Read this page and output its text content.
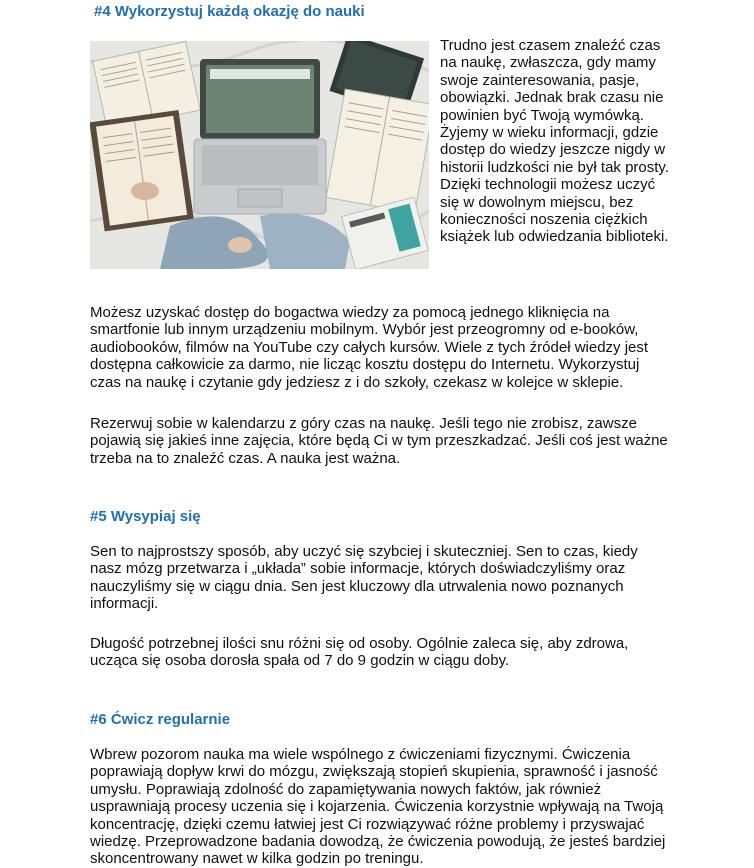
#4 Wykorzystuj każdą okazję do nauki

Trudno jest czasem znaleźć czas na naukę, zwłaszcza, gdy mamy swoje zainteresowania, pasje, obowiązki. Jednak brak czasu nie powinien być Twoją wymówką. Żyjemy w wieku informacji, gdzie dostęp do wiedzy jeszcze nigdy w historii ludzkości nie był tak prosty. Dzięki technologii możesz uczyć się w dowolnym miejscu, bez konieczności noszenia ciężkich książek lub odwiedzania biblioteki.

Możesz uzyskać dostęp do bogactwa wiedzy za pomocą jednego kliknięcia na smartfonie lub innym urządzeniu mobilnym. Wybór jest przeogromny od e-booków, audiobooków, filmów na YouTube czy całych kursów. Wiele z tych źródeł wiedzy jest dostępna całkowicie za darmo, nie licząc kosztu dostępu do Internetu. Wykorzystuj czas na naukę i czytanie gdy jedziesz z i do szkoły, czekasz w kolejce w sklepie.

Rezerwuj sobie w kalendarzu z góry czas na naukę. Jeśli tego nie zrobisz, zawsze pojawią się jakieś inne zajęcia, które będą Ci w tym przeszkadzać. Jeśli coś jest ważne trzeba na to znaleźć czas. A nauka jest ważna.

#5 Wysypiaj się

Sen to najprostszy sposób, aby uczyć się szybciej i skuteczniej. Sen to czas, kiedy nasz mózg przetwarza i „układa” sobie informacje, których doświadczyliśmy oraz nauczyliśmy się w ciągu dnia. Sen jest kluczowy dla utrwalenia nowo poznanych informacji.

Długość potrzebnej ilości snu różni się od osoby. Ogólnie zaleca się, aby zdrowa, ucząca się osoba dorosła spała od 7 do 9 godzin w ciągu doby.

#6 Ćwicz regularnie

Wbrew pozorom nauka ma wiele wspólnego z ćwiczeniami fizycznymi. Ćwiczenia poprawiają dopływ krwi do mózgu, zwiększają stopień skupienia, sprawność i jasność umysłu. Poprawiają zdolność do zapamiętywania nowych faktów, jak również usprawniają procesy uczenia się i kojarzenia. Ćwiczenia korzystnie wpływają na Twoją koncentrację, dzięki czemu łatwiej jest Ci rozwiązywać różne problemy i przyswajać wiedzę. Przeprowadzone badania dowodzą, że ćwiczenia powodują, że jesteś bardziej skoncentrowany nawet w kilka godzin po treningu.
